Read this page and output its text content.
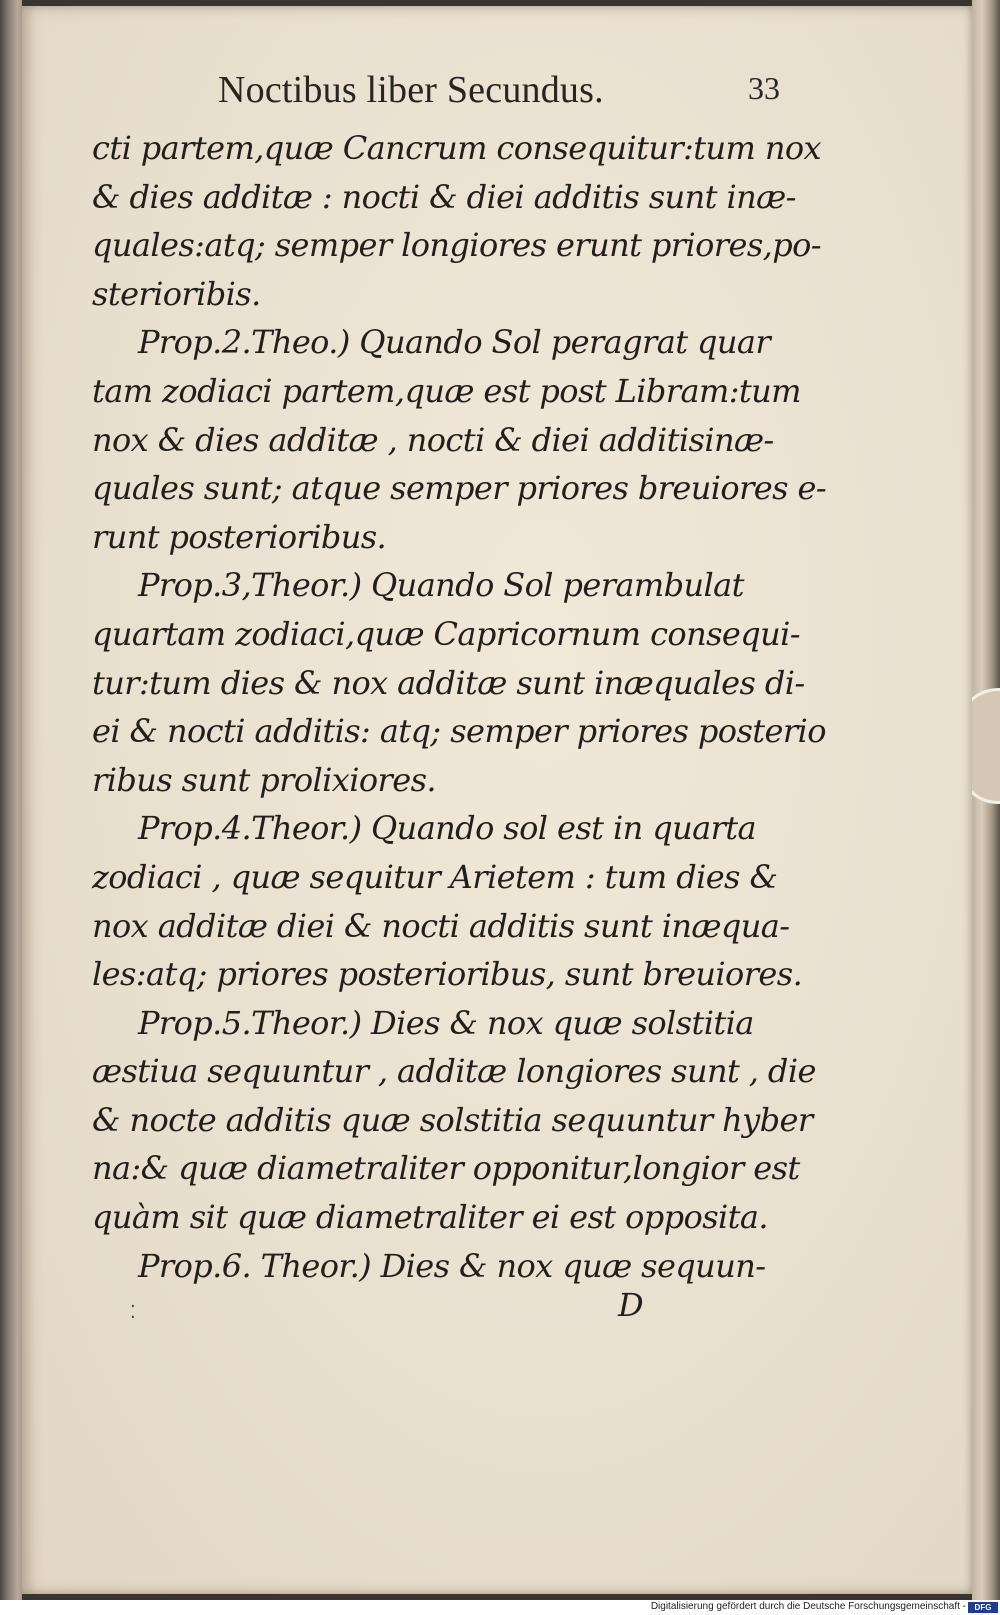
Noctibus liber Secundus.	33
cti partem,quæ Cancrum consequitur:tum nox
& dies additæ : nocti & diei additis sunt inæ-
quales:atq; semper longiores erunt priores,po-
sterioribis.
Prop.2.Theo.) Quando Sol peragrat quar
tam zodiaci partem,quæ est post Libram:tum
nox & dies additæ , nocti & diei additisinæ-
quales sunt; atque semper priores breuiores e-
runt posterioribus.
Prop.3,Theor.) Quando Sol perambulat
quartam zodiaci,quæ Capricornum consequi-
tur:tum dies & nox additæ sunt inæquales di-
ei & nocti additis: atq; semper priores posterio
ribus sunt prolixiores.
Prop.4.Theor.) Quando sol est in quarta
zodiaci , quæ sequitur Arietem : tum dies &
nox additæ diei & nocti additis sunt inæqua-
les:atq; priores posterioribus, sunt breuiores.
Prop.5.Theor.) Dies & nox quæ solstitia
æstiua sequuntur , additæ longiores sunt , die
& nocte additis quæ solstitia sequuntur hyber
na:& quæ diametraliter opponitur,longior est
quàm sit quæ diametraliter ei est opposita.
Prop.6. Theor.) Dies & nox quæ sequun-
⁚	D
Digitalisierung gefördert durch die Deutsche Forschungsgemeinschaft -	DFG
